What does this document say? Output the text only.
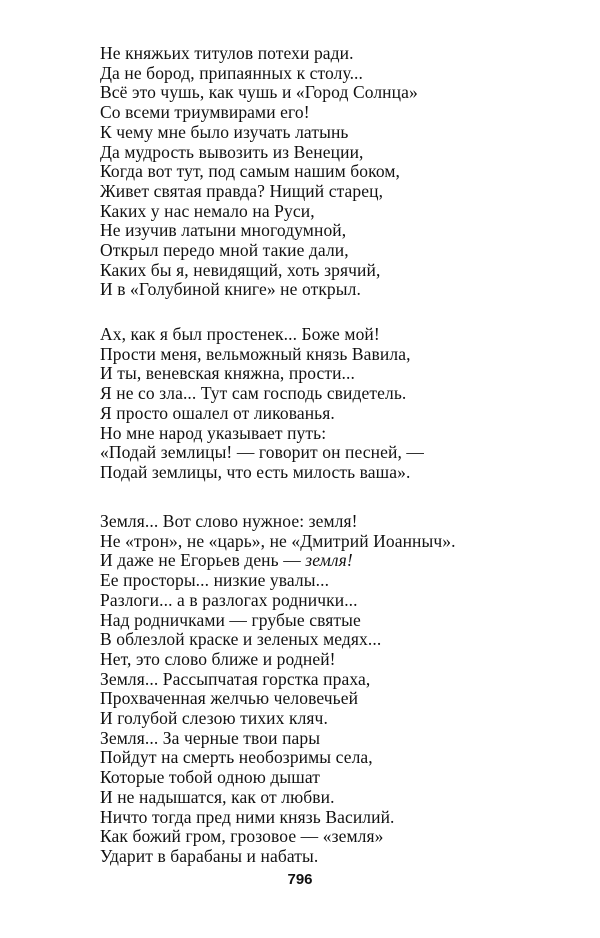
Не княжьих титулов потехи ради.
Да не бород, припаянных к столу...
Всё это чушь, как чушь и «Город Солнца»
Со всеми триумвирами его!
К чему мне было изучать латынь
Да мудрость вывозить из Венеции,
Когда вот тут, под самым нашим боком,
Живет святая правда? Нищий старец,
Каких у нас немало на Руси,
Не изучив латыни многодумной,
Открыл передо мной такие дали,
Каких бы я, невидящий, хоть зрячий,
И в «Голубиной книге» не открыл.
Ах, как я был простенек... Боже мой!
Прости меня, вельможный князь Вавила,
И ты, веневская княжна, прости...
Я не со зла... Тут сам господь свидетель.
Я просто ошалел от ликованья.
Но мне народ указывает путь:
«Подай землицы! — говорит он песней, —
Подай землицы, что есть милость ваша».
Земля... Вот слово нужное: земля!
Не «трон», не «царь», не «Дмитрий Иоанныч».
И даже не Егорьев день — земля!
Ее просторы... низкие увалы...
Разлоги... а в разлогах роднички...
Над родничками — грубые святые
В облезлой краске и зеленых медях...
Нет, это слово ближе и родней!
Земля... Рассыпчатая горстка праха,
Прохваченная желчью человечьей
И голубой слезою тихих кляч.
Земля... За черные твои пары
Пойдут на смерть необозримы села,
Которые тобой одною дышат
И не надышатся, как от любви.
Ничто тогда пред ними князь Василий.
Как божий гром, грозовое — «земля»
Ударит в барабаны и набаты.
796
